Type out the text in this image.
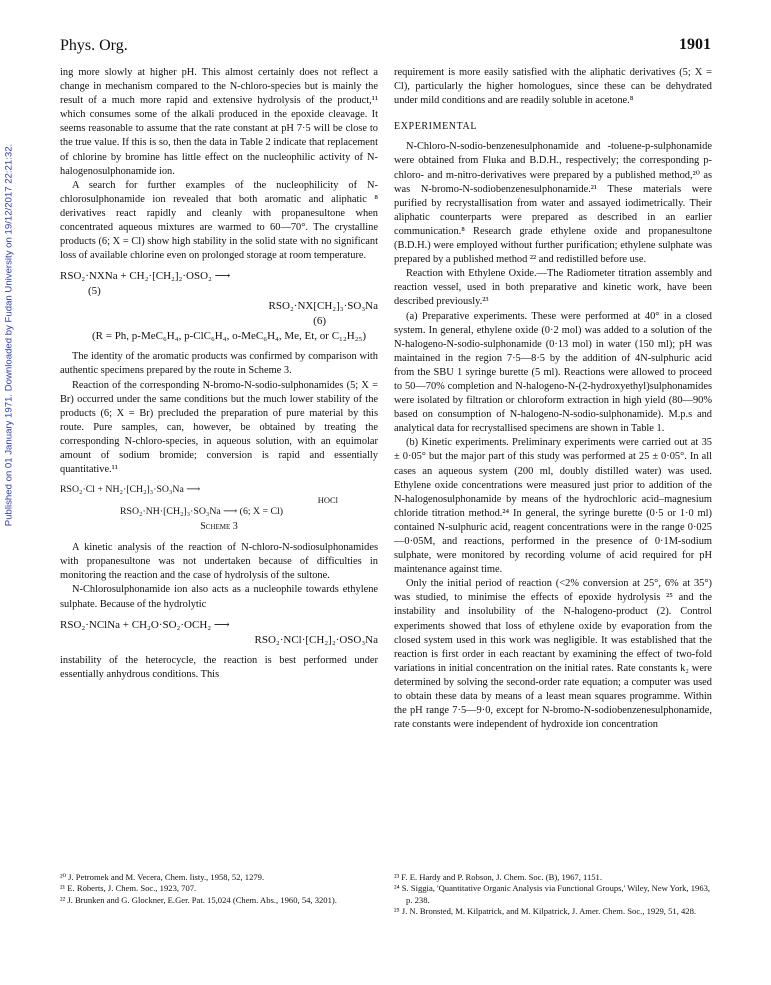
Published on 01 January 1971. Downloaded by Fudan University on 19/12/2017 22:21:32.
Phys. Org.	1901

ing more slowly at higher pH. This almost certainly does not reflect a change in mechanism compared to the N-chloro-species but is mainly the result of a much more rapid and extensive hydrolysis of the product,¹¹ which consumes some of the alkali produced in the epoxide cleavage. It seems reasonable to assume that the rate constant at pH 7·5 will be close to the true value. If this is so, then the data in Table 2 indicate that replacement of chlorine by bromine has little effect on the nucleophilic activity of N-halogenosulphonamide ion.

A search for further examples of the nucleophilicity of N-chlorosulphonamide ion revealed that both aromatic and aliphatic ⁸ derivatives react rapidly and cleanly with propanesultone when concentrated aqueous mixtures are warmed to 60—70°. The crystalline products (6; X = Cl) show high stability in the solid state with no significant loss of available chlorine even on prolonged storage at room temperature.

RSO₂·NXNa + CH₂·[CH₂]₂·OSO₂ ⟶
(5)
RSO₂·NX[CH₂]₃·SO₃Na
(6)
(R = Ph, p-MeC₆H₄, p-ClC₆H₄, o-MeC₆H₄, Me, Et, or C₁₂H₂₅)

The identity of the aromatic products was confirmed by comparison with authentic specimens prepared by the route in Scheme 3.

Reaction of the corresponding N-bromo-N-sodio-sulphonamides (5; X = Br) occurred under the same conditions but the much lower stability of the products (6; X = Br) precluded the preparation of pure material by this route. Pure samples, can, however, be obtained by treating the corresponding N-chloro-species, in aqueous solution, with an equimolar amount of sodium bromide; conversion is rapid and essentially quantitative.¹¹

RSO₂·Cl + NH₂·[CH₂]₃·SO₃Na ⟶
HOCl
RSO₂·NH·[CH₂]₃·SO₃Na ⟶ (6; X = Cl)
Scheme 3

A kinetic analysis of the reaction of N-chloro-N-sodiosulphonamides with propanesultone was not undertaken because of difficulties in monitoring the reaction and the case of hydrolysis of the sultone.

N-Chlorosulphonamide ion also acts as a nucleophile towards ethylene sulphate. Because of the hydrolytic

RSO₂·NClNa + CH₂O·SO₂·OCH₂ ⟶
RSO₂·NCl·[CH₂]₂·OSO₃Na

instability of the heterocycle, the reaction is best performed under essentially anhydrous conditions. This

requirement is more easily satisfied with the aliphatic derivatives (5; X = Cl), particularly the higher homologues, since these can be dehydrated under mild conditions and are readily soluble in acetone.⁸

EXPERIMENTAL

N-Chloro-N-sodio-benzenesulphonamide and -toluene-p-sulphonamide were obtained from Fluka and B.D.H., respectively; the corresponding p-chloro- and m-nitro-derivatives were prepared by a published method,²⁰ as was N-bromo-N-sodiobenzenesulphonamide.²¹ These materials were purified by recrystallisation from water and assayed iodimetrically. Their aliphatic counterparts were prepared as described in an earlier communication.⁸ Research grade ethylene oxide and propanesultone (B.D.H.) were employed without further purification; ethylene sulphate was prepared by a published method ²² and redistilled before use.

Reaction with Ethylene Oxide.—The Radiometer titration assembly and reaction vessel, used in both preparative and kinetic work, have been described previously.²³

(a) Preparative experiments. These were performed at 40° in a closed system. In general, ethylene oxide (0·2 mol) was added to a solution of the N-halogeno-N-sodio-sulphonamide (0·13 mol) in water (150 ml); pH was maintained in the region 7·5—8·5 by the addition of 4N-sulphuric acid from the SBU 1 syringe burette (5 ml). Reactions were allowed to proceed to 50—70% completion and N-halogeno-N-(2-hydroxyethyl)sulphonamides were isolated by filtration or chloroform extraction in high yield (80—90% based on consumption of N-halogeno-N-sodio-sulphonamide). M.p.s and analytical data for recrystallised specimens are shown in Table 1.

(b) Kinetic experiments. Preliminary experiments were carried out at 35 ± 0·05° but the major part of this study was performed at 25 ± 0·05°. In all cases an aqueous system (200 ml, doubly distilled water) was used. Ethylene oxide concentrations were measured just prior to addition of the N-halogenosulphonamide by means of the hydrochloric acid–magnesium chloride titration method.²⁴ In general, the syringe burette (0·5 or 1·0 ml) contained N-sulphuric acid, reagent concentrations were in the range 0·025—0·05M, and reactions, performed in the presence of 0·1M-sodium sulphate, were monitored by recording volume of acid required for pH maintenance against time.

Only the initial period of reaction (<2% conversion at 25°, 6% at 35°) was studied, to minimise the effects of epoxide hydrolysis ²⁵ and the instability and insolubility of the N-halogeno-product (2). Control experiments showed that loss of ethylene oxide by evaporation from the closed system used in this work was negligible. It was established that the reaction is first order in each reactant by examining the effect of two-fold variations in initial concentration on the initial rates. Rate constants k₂ were determined by solving the second-order rate equation; a computer was used to obtain these data by means of a least mean squares programme. Within the pH range 7·5—9·0, except for N-bromo-N-sodiobenzenesulphonamide, rate constants were independent of hydroxide ion concentration

²⁰ J. Petromek and M. Vecera, Chem. listy., 1958, 52, 1279.
²¹ E. Roberts, J. Chem. Soc., 1923, 707.
²² J. Brunken and G. Glockner, E.Ger. Pat. 15,024 (Chem. Abs., 1960, 54, 3201).
²³ F. E. Hardy and P. Robson, J. Chem. Soc. (B), 1967, 1151.
²⁴ S. Siggia, 'Quantitative Organic Analysis via Functional Groups,' Wiley, New York, 1963, p. 238.
²⁵ J. N. Bronsted, M. Kilpatrick, and M. Kilpatrick, J. Amer. Chem. Soc., 1929, 51, 428.
